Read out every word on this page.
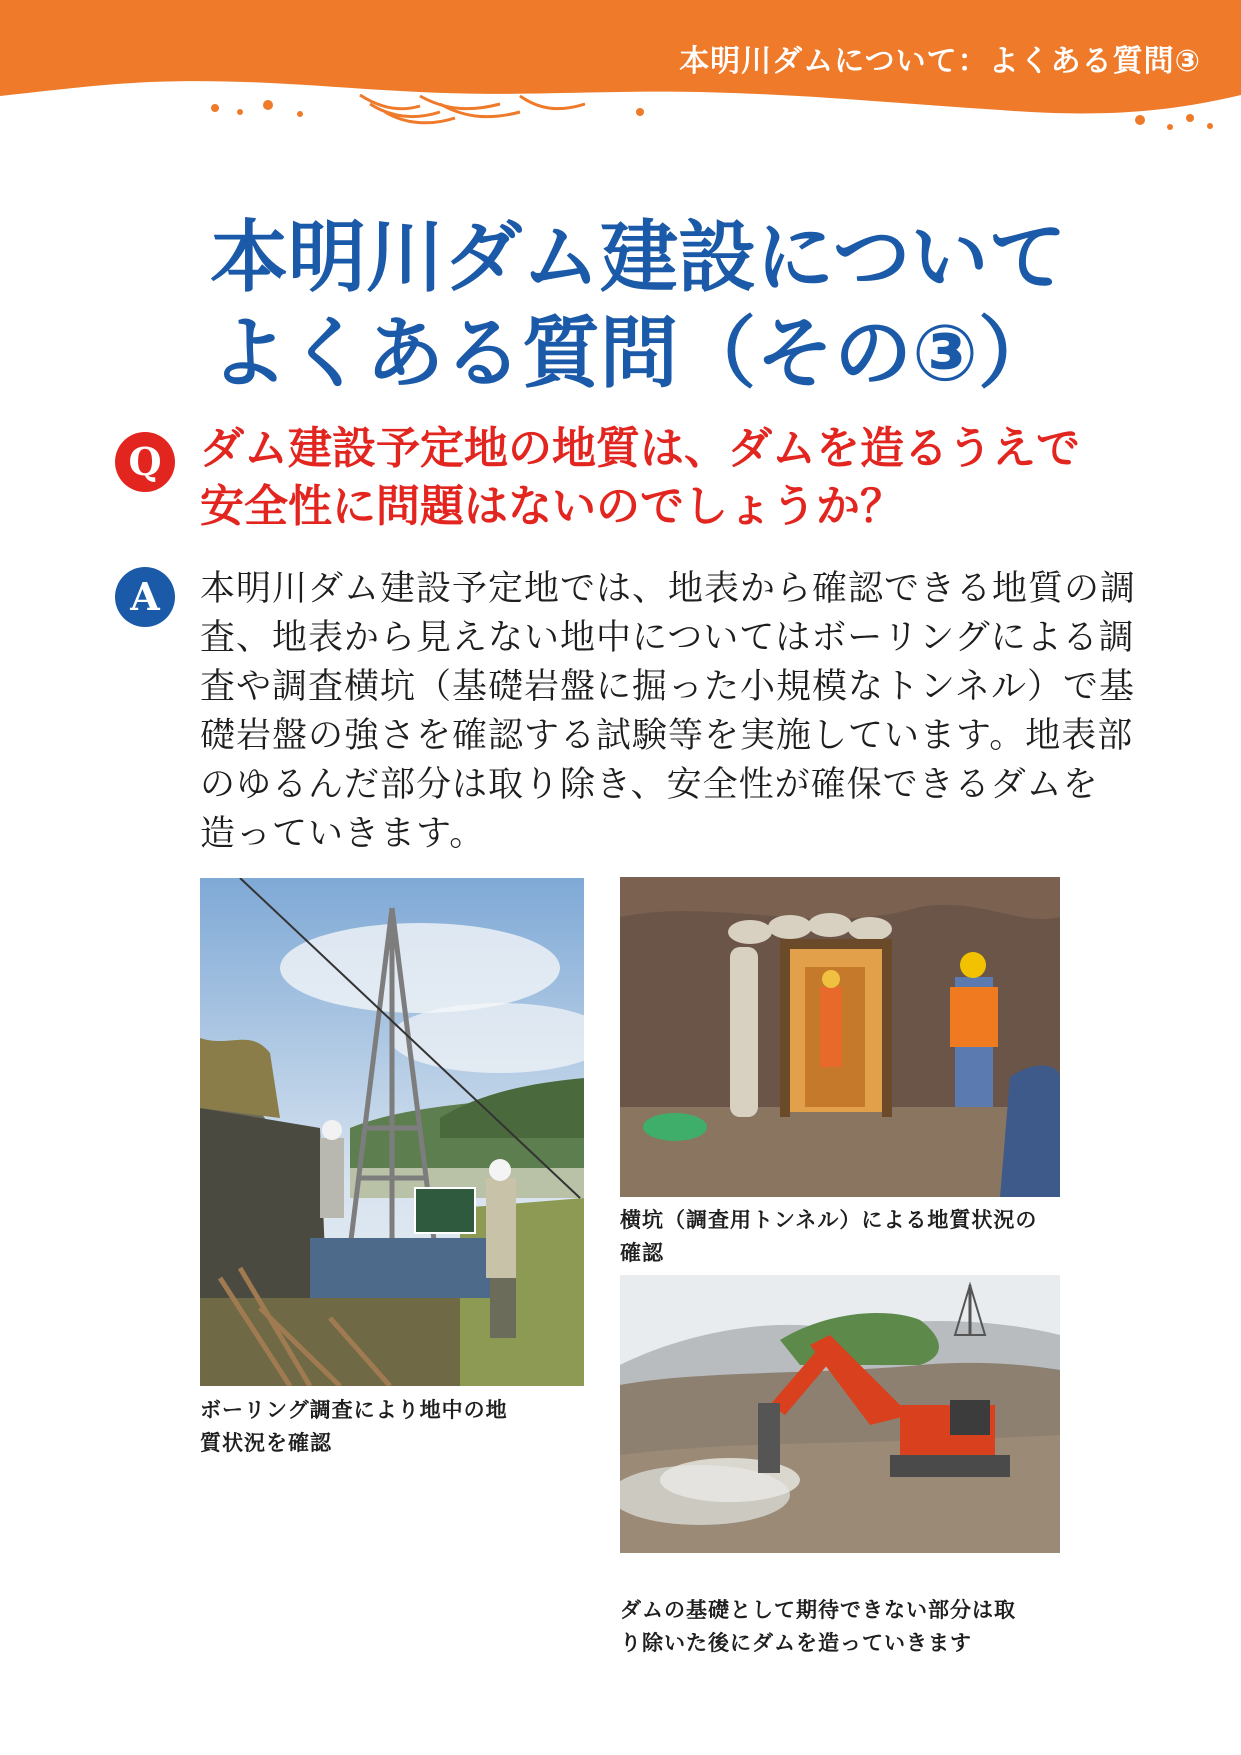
本明川ダムについて：よくある質問③
本明川ダム建設について
よくある質問（その③）
Q ダム建設予定地の地質は、ダムを造るうえで
安全性に問題はないのでしょうか？
A	本明川ダム建設予定地では、地表から確認できる地質の調
査、地表から見えない地中についてはボーリングによる調
査や調査横坑（基礎岩盤に掘った小規模なトンネル）で基
礎岩盤の強さを確認する試験等を実施しています。地表部
のゆるんだ部分は取り除き、安全性が確保できるダムを
造っていきます。
ボーリング調査により地中の地
質状況を確認
横坑（調査用トンネル）による地質状況の
確認
ダムの基礎として期待できない部分は取
り除いた後にダムを造っていきます
